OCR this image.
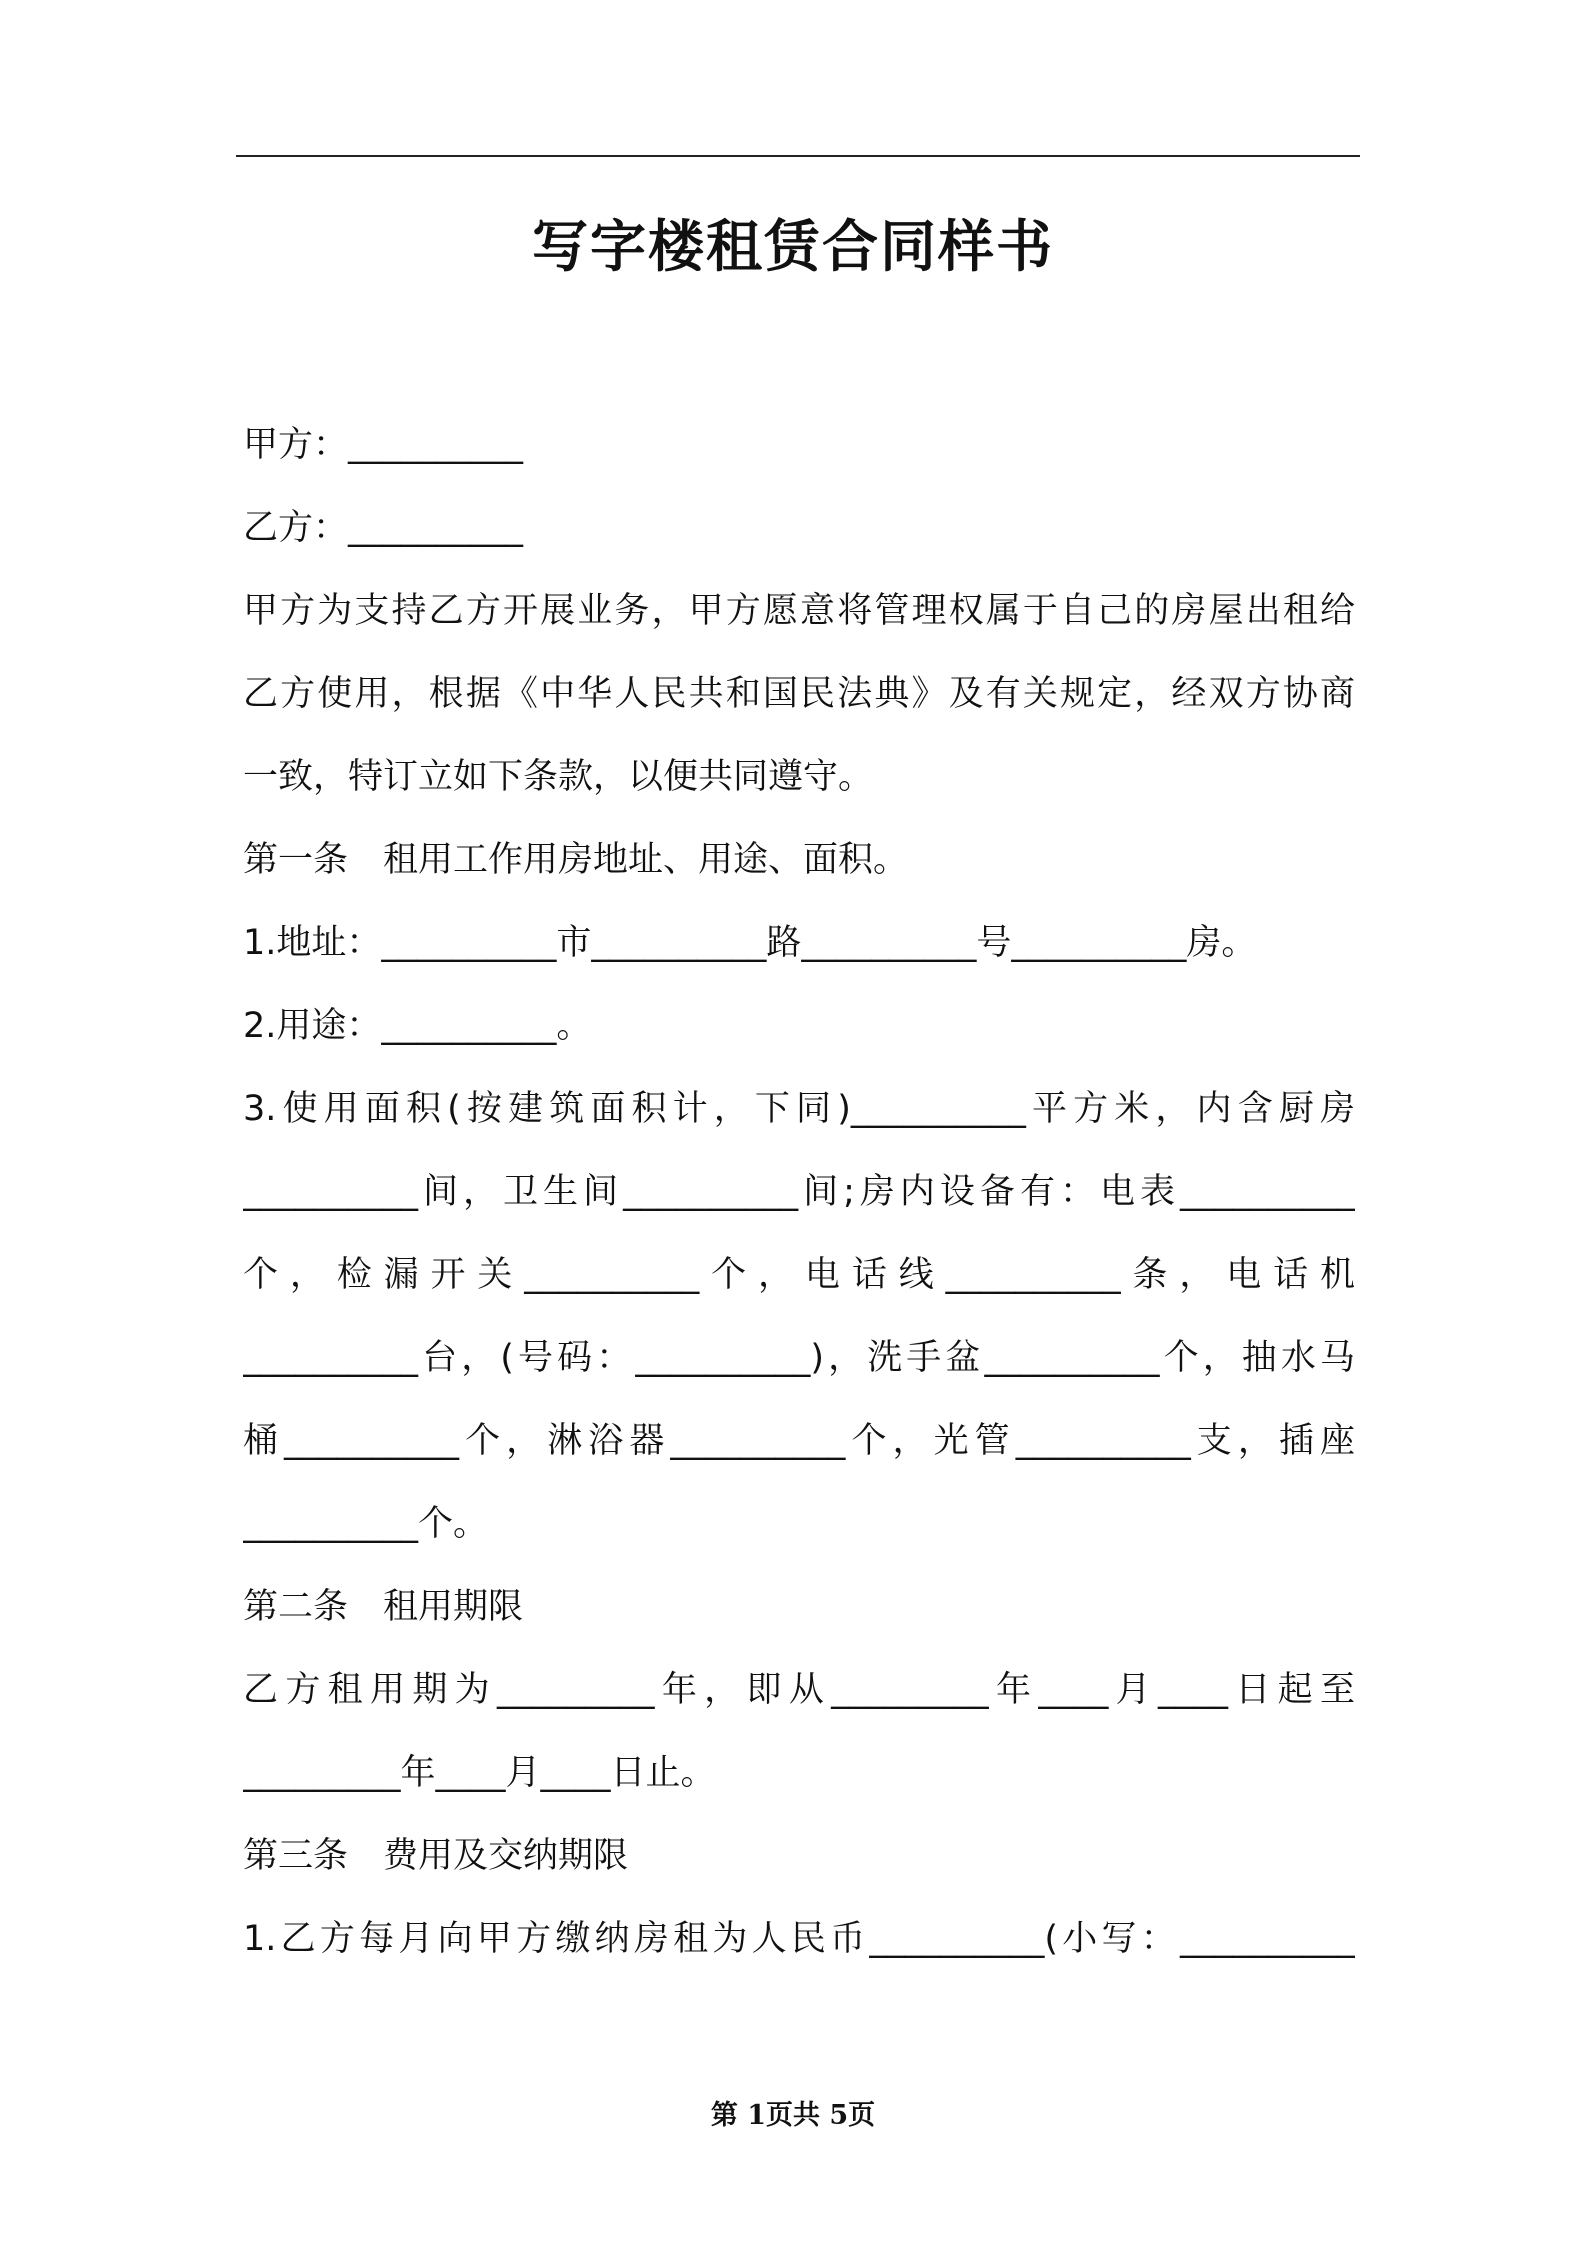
写字楼租赁合同样书
甲方：__________
乙方：__________
甲方为支持乙方开展业务，甲方愿意将管理权属于自己的房屋出租给
乙方使用，根据《中华人民共和国民法典》及有关规定，经双方协商
一致，特订立如下条款，以便共同遵守。
第一条　租用工作用房地址、用途、面积。
1.地址：__________市__________路__________号__________房。
2.用途：__________。
3.使用面积(按建筑面积计，下同)__________平方米，内含厨房
__________间，卫生间__________间;房内设备有：电表__________
个，检漏开关__________个，电话线__________条，电话机
__________台，(号码：__________)，洗手盆__________个，抽水马
桶__________个，淋浴器__________个，光管__________支，插座
__________个。
第二条　租用期限
乙方租用期为_________年，即从_________年____月____日起至
_________年____月____日止。
第三条　费用及交纳期限
1.乙方每月向甲方缴纳房租为人民币__________(小写：__________
第 1页共 5页
